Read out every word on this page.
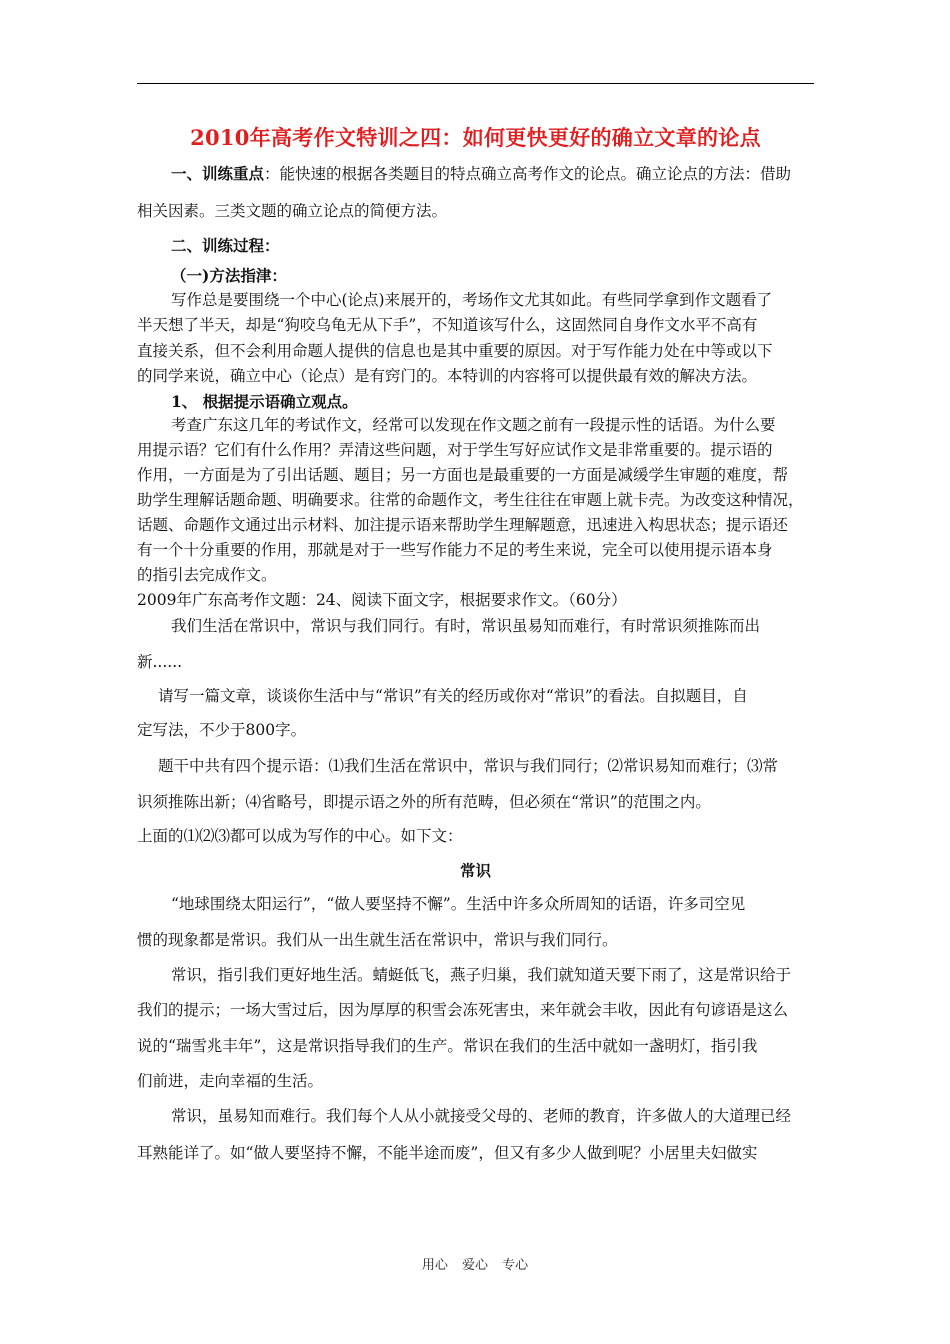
2010年高考作文特训之四：如何更快更好的确立文章的论点
一、训练重点：能快速的根据各类题目的特点确立高考作文的论点。确立论点的方法：借助
相关因素。三类文题的确立论点的简便方法。
二、训练过程：
（一)方法指津：
写作总是要围绕一个中心(论点)来展开的，考场作文尤其如此。有些同学拿到作文题看了
半天想了半天，却是“狗咬乌龟无从下手”，不知道该写什么，这固然同自身作文水平不高有
直接关系，但不会利用命题人提供的信息也是其中重要的原因。对于写作能力处在中等或以下
的同学来说，确立中心（论点）是有窍门的。本特训的内容将可以提供最有效的解决方法。
1、 根据提示语确立观点。
考查广东这几年的考试作文，经常可以发现在作文题之前有一段提示性的话语。为什么要
用提示语？它们有什么作用？弄清这些问题，对于学生写好应试作文是非常重要的。提示语的
作用，一方面是为了引出话题、题目；另一方面也是最重要的一方面是减缓学生审题的难度，帮
助学生理解话题命题、明确要求。往常的命题作文，考生往往在审题上就卡壳。为改变这种情况，
话题、命题作文通过出示材料、加注提示语来帮助学生理解题意，迅速进入构思状态；提示语还
有一个十分重要的作用，那就是对于一些写作能力不足的考生来说，完全可以使用提示语本身
的指引去完成作文。
2009年广东高考作文题：24、阅读下面文字，根据要求作文。（60分）
我们生活在常识中，常识与我们同行。有时，常识虽易知而难行，有时常识须推陈而出
新......
请写一篇文章，谈谈你生活中与“常识”有关的经历或你对“常识”的看法。自拟题目，自
定写法，不少于800字。
题干中共有四个提示语：⑴我们生活在常识中，常识与我们同行；⑵常识易知而难行；⑶常
识须推陈出新；⑷省略号，即提示语之外的所有范畴，但必须在“常识”的范围之内。
上面的⑴⑵⑶都可以成为写作的中心。如下文：
常识
“地球围绕太阳运行”，“做人要坚持不懈”。生活中许多众所周知的话语，许多司空见
惯的现象都是常识。我们从一出生就生活在常识中，常识与我们同行。
常识，指引我们更好地生活。蜻蜓低飞，燕子归巢，我们就知道天要下雨了，这是常识给于
我们的提示；一场大雪过后，因为厚厚的积雪会冻死害虫，来年就会丰收，因此有句谚语是这么
说的“瑞雪兆丰年”，这是常识指导我们的生产。常识在我们的生活中就如一盏明灯，指引我
们前进，走向幸福的生活。
常识，虽易知而难行。我们每个人从小就接受父母的、老师的教育，许多做人的大道理已经
耳熟能详了。如“做人要坚持不懈，不能半途而废”，但又有多少人做到呢？小居里夫妇做实
用心 爱心 专心
